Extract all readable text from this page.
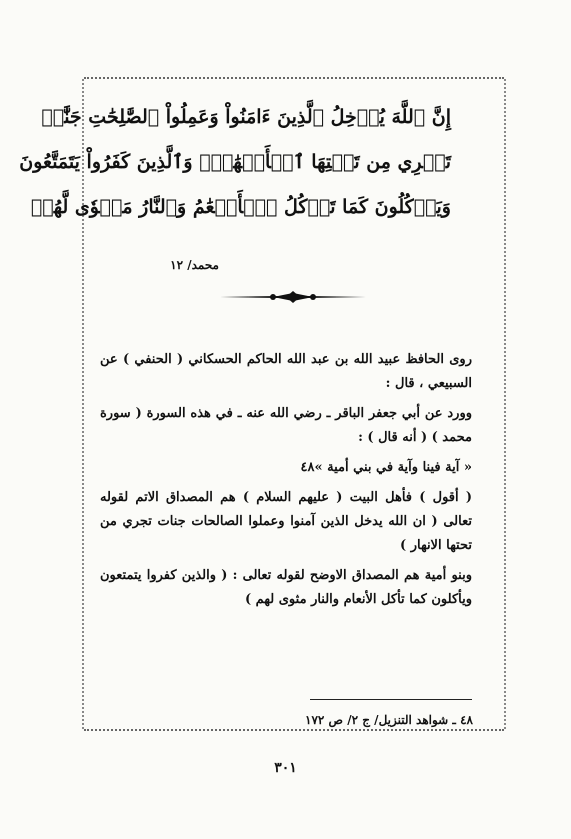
إِنَّ ٱللَّهَ يُدۡخِلُ ٱلَّذِينَ ءَامَنُواْ وَعَمِلُواْ ٱلصَّٰلِحَٰتِ جَنَّٰتٖ

تَجۡرِي مِن تَحۡتِهَا ٱلۡأَنۡهَٰرُۖ وَٱلَّذِينَ كَفَرُواْ يَتَمَتَّعُونَ

وَيَأۡكُلُونَ كَمَا تَأۡكُلُ ٱلۡأَنۡعَٰمُ وَٱلنَّارُ مَثۡوٗى لَّهُمۡ

محمد/ ١٢

روى الحافظ عبيد الله بن عبد الله الحاكم الحسكاني ( الحنفي ) عن السبيعي ، قال :

وورد عن أبي جعفر الباقر ـ رضي الله عنه ـ في هذه السورة ( سورة محمد ) ( أنه قال ) :

« آية فينا وآية في بني أمية »٤٨

( أقول ) فأهل البيت ( عليهم السلام ) هم المصداق الاتم لقوله تعالى ( ان الله يدخل الذين آمنوا وعملوا الصالحات جنات تجري من تحتها الانهار )

وبنو أمية هم المصداق الاوضح لقوله تعالى : ( والذين كفروا يتمتعون ويأكلون كما تأكل الأنعام والنار مثوى لهم )

٤٨ ـ شواهد التنزيل/ ج ٢/ ص ١٧٢
٣٠١
